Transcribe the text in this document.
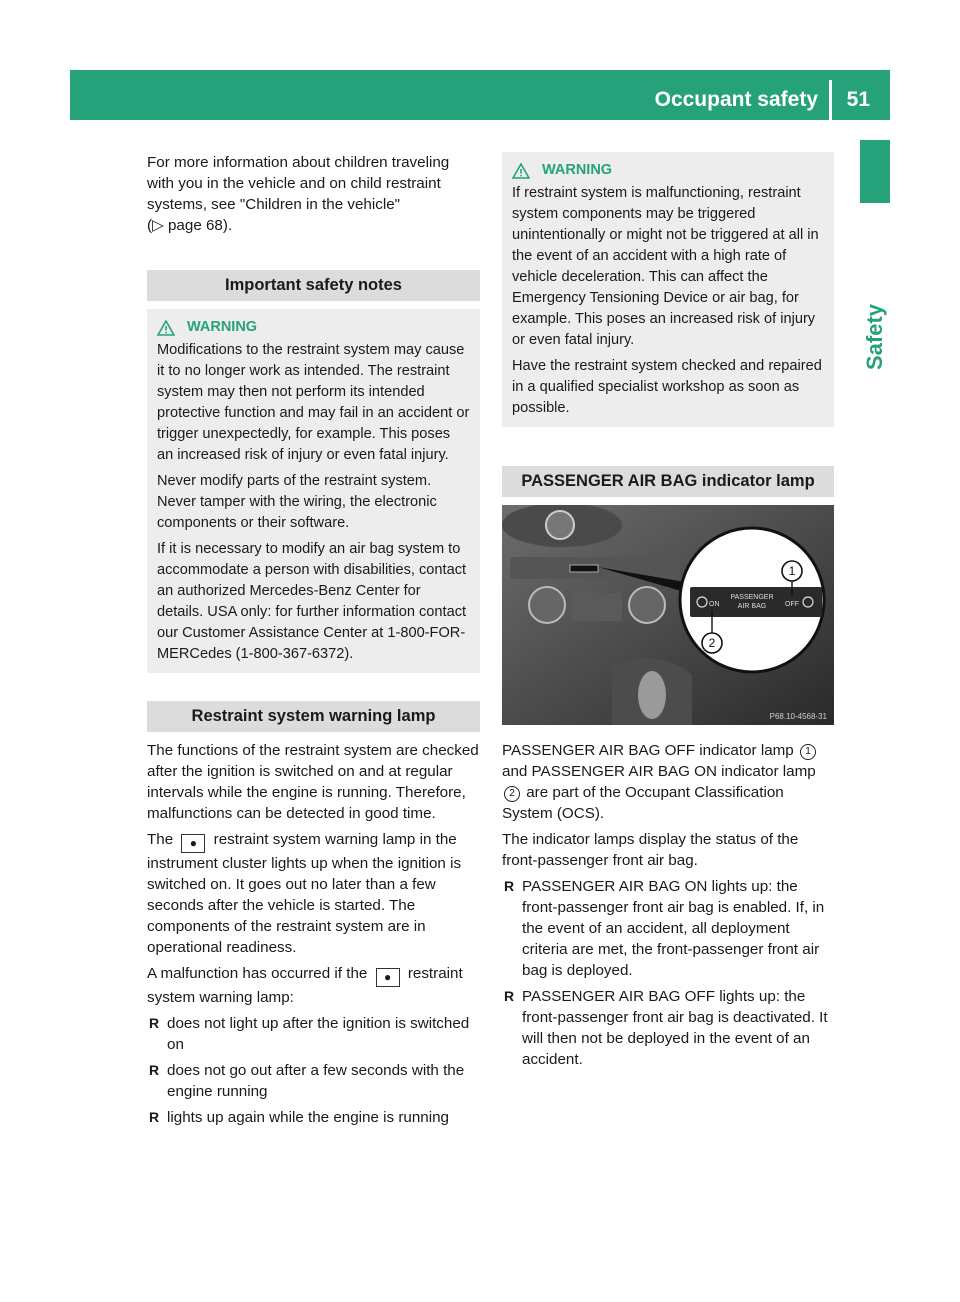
Occupant safety 51
Safety

For more information about children traveling with you in the vehicle and on child restraint systems, see "Children in the vehicle"
(▷ page 68).

Important safety notes
WARNING

Modifications to the restraint system may cause it to no longer work as intended. The restraint system may then not perform its intended protective function and may fail in an accident or trigger unexpectedly, for example. This poses an increased risk of injury or even fatal injury.

Never modify parts of the restraint system. Never tamper with the wiring, the electronic components or their software.

If it is necessary to modify an air bag system to accommodate a person with disabilities, contact an authorized Mercedes-Benz Center for details. USA only: for further information contact our Customer Assistance Center at 1-800-FOR-MERCedes (1-800-367-6372).

Restraint system warning lamp

The functions of the restraint system are checked after the ignition is switched on and at regular intervals while the engine is running. Therefore, malfunctions can be detected in good time.

The ● restraint system warning lamp in the instrument cluster lights up when the ignition is switched on. It goes out no later than a few seconds after the vehicle is started. The components of the restraint system are in operational readiness.

A malfunction has occurred if the ● restraint system warning lamp:

R does not light up after the ignition is switched on
R does not go out after a few seconds with the engine running
R lights up again while the engine is running
WARNING

If restraint system is malfunctioning, restraint system components may be triggered unintentionally or might not be triggered at all in the event of an accident with a high rate of vehicle deceleration. This can affect the Emergency Tensioning Device or air bag, for example. This poses an increased risk of injury or even fatal injury.

Have the restraint system checked and repaired in a qualified specialist workshop as soon as possible.

PASSENGER AIR BAG indicator lamp
ON
PASSENGER
AIR BAG	OFF
1
2
P68.10-4568-31

PASSENGER AIR BAG OFF indicator lamp 1 and PASSENGER AIR BAG ON indicator lamp 2 are part of the Occupant Classification System (OCS).

The indicator lamps display the status of the front-passenger front air bag.

R PASSENGER AIR BAG ON lights up: the front-passenger front air bag is enabled. If, in the event of an accident, all deployment criteria are met, the front-passenger front air bag is deployed.
R PASSENGER AIR BAG OFF lights up: the front-passenger front air bag is deactivated. It will then not be deployed in the event of an accident.
